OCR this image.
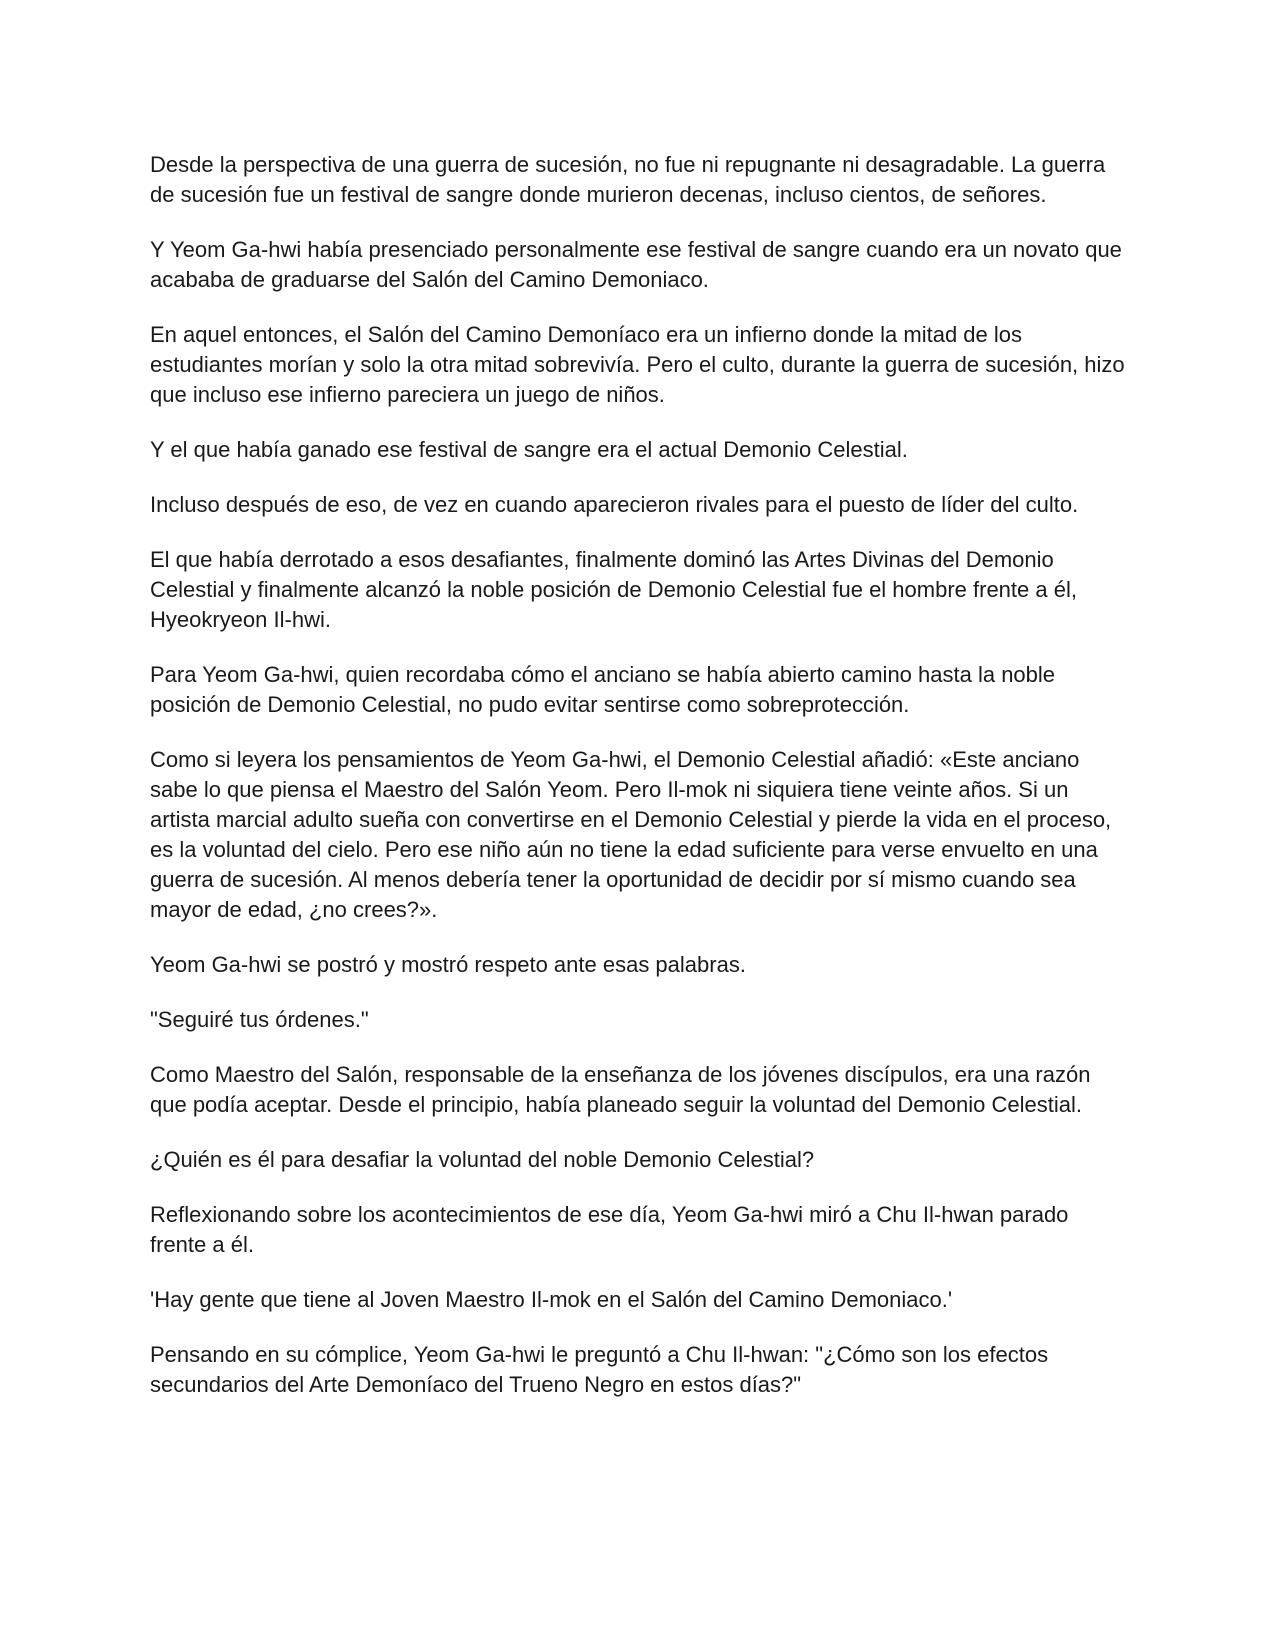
Desde la perspectiva de una guerra de sucesión, no fue ni repugnante ni desagradable. La guerra de sucesión fue un festival de sangre donde murieron decenas, incluso cientos, de señores.

Y Yeom Ga-hwi había presenciado personalmente ese festival de sangre cuando era un novato que acababa de graduarse del Salón del Camino Demoniaco.

En aquel entonces, el Salón del Camino Demoníaco era un infierno donde la mitad de los estudiantes morían y solo la otra mitad sobrevivía. Pero el culto, durante la guerra de sucesión, hizo que incluso ese infierno pareciera un juego de niños.

Y el que había ganado ese festival de sangre era el actual Demonio Celestial.

Incluso después de eso, de vez en cuando aparecieron rivales para el puesto de líder del culto.

El que había derrotado a esos desafiantes, finalmente dominó las Artes Divinas del Demonio Celestial y finalmente alcanzó la noble posición de Demonio Celestial fue el hombre frente a él, Hyeokryeon Il-hwi.

Para Yeom Ga-hwi, quien recordaba cómo el anciano se había abierto camino hasta la noble posición de Demonio Celestial, no pudo evitar sentirse como sobreprotección.

Como si leyera los pensamientos de Yeom Ga-hwi, el Demonio Celestial añadió: «Este anciano sabe lo que piensa el Maestro del Salón Yeom. Pero Il-mok ni siquiera tiene veinte años. Si un artista marcial adulto sueña con convertirse en el Demonio Celestial y pierde la vida en el proceso, es la voluntad del cielo. Pero ese niño aún no tiene la edad suficiente para verse envuelto en una guerra de sucesión. Al menos debería tener la oportunidad de decidir por sí mismo cuando sea mayor de edad, ¿no crees?».

Yeom Ga-hwi se postró y mostró respeto ante esas palabras.

"Seguiré tus órdenes."

Como Maestro del Salón, responsable de la enseñanza de los jóvenes discípulos, era una razón que podía aceptar. Desde el principio, había planeado seguir la voluntad del Demonio Celestial.

¿Quién es él para desafiar la voluntad del noble Demonio Celestial?

Reflexionando sobre los acontecimientos de ese día, Yeom Ga-hwi miró a Chu Il-hwan parado frente a él.

'Hay gente que tiene al Joven Maestro Il-mok en el Salón del Camino Demoniaco.'

Pensando en su cómplice, Yeom Ga-hwi le preguntó a Chu Il-hwan: "¿Cómo son los efectos secundarios del Arte Demoníaco del Trueno Negro en estos días?"
